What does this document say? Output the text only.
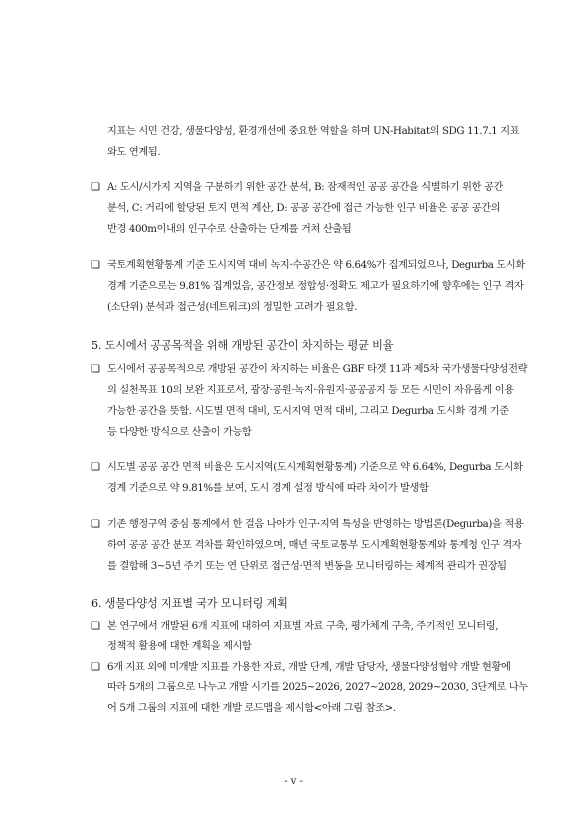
지표는 시민 건강, 생물다양성, 환경개선에 중요한 역할을 하며 UN-Habitat의 SDG 11.7.1 지표
와도 연계됨.
❑ A: 도시/시가지 지역을 구분하기 위한 공간 분석, B: 잠재적인 공공 공간을 식별하기 위한 공간
분석, C: 거리에 할당된 토지 면적 계산, D: 공공 공간에 접근 가능한 인구 비율은 공공 공간의
반경 400m이내의 인구수로 산출하는 단계를 거쳐 산출됨
❑ 국토계획현황통계 기준 도시지역 대비 녹지·수공간은 약 6.64%가 집계되었으나, Degurba 도시화
경계 기준으로는 9.81% 집계었음, 공간정보 정합성·정확도 제고가 필요하기에 향후에는 인구 격자
(소단위) 분석과 접근성(네트워크)의 정밀한 고려가 필요함.
5. 도시에서 공공목적을 위해 개방된 공간이 차지하는 평균 비율
❑ 도시에서 공공목적으로 개방된 공간이 차지하는 비율은 GBF 타겟 11과 제5차 국가생물다양성전략
의 실천목표 10의 보완 지표로서, 광장·공원·녹지·유원지·공공공지 등 모든 시민이 자유롭게 이용
가능한 공간을 뜻함. 시도별 면적 대비, 도시지역 면적 대비, 그리고 Degurba 도시화 경계 기준
등 다양한 방식으로 산출이 가능함
❑ 시도별 공공 공간 면적 비율은 도시지역(도시계획현황통계) 기준으로 약 6.64%, Degurba 도시화
경계 기준으로 약 9.81%를 보여, 도시 경계 설정 방식에 따라 차이가 발생함
❑ 기존 행정구역 중심 통계에서 한 걸음 나아가 인구·지역 특성을 반영하는 방법론(Degurba)을 적용
하여 공공 공간 분포 격차를 확인하였으며, 매년 국토교통부 도시계획현황통계와 통계청 인구 격자
를 결합해 3~5년 주기 또는 연 단위로 접근성·면적 변동을 모니터링하는 체계적 관리가 권장됨
6. 생물다양성 지표별 국가 모니터링 계획
❑ 본 연구에서 개발된 6개 지표에 대하여 지표별 자료 구축, 평가체계 구축, 주기적인 모니터링,
정책적 활용에 대한 계획을 제시함
❑ 6개 지표 외에 미개발 지표를 가용한 자료, 개발 단계, 개발 담당자, 생물다양성협약 개발 현황에
따라 5개의 그룹으로 나누고 개발 시기를 2025~2026, 2027~2028, 2029~2030, 3단계로 나누
어 5개 그룹의 지표에 대한 개발 로드맵을 제시함<아래 그림 참조>.
- v -
